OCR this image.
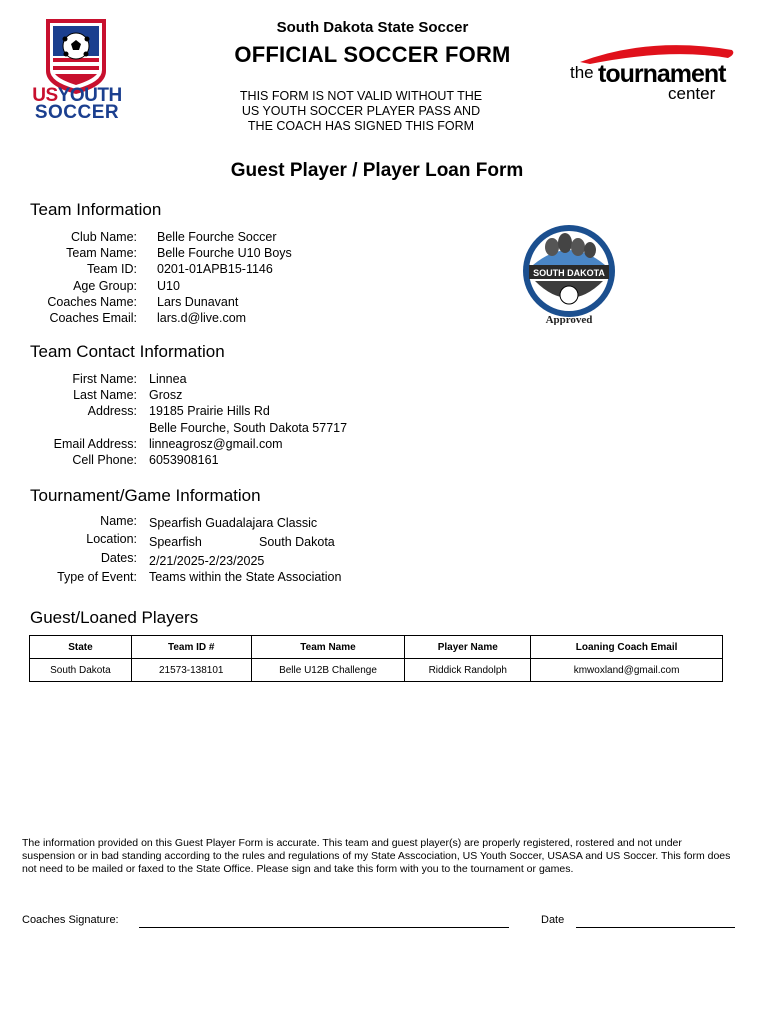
USYOUTH
SOCCER
South Dakota State Soccer
OFFICIAL SOCCER FORM
THIS FORM IS NOT VALID WITHOUT THE
US YOUTH SOCCER PLAYER PASS AND
THE COACH HAS SIGNED THIS FORM
the tournament
center
Guest Player / Player Loan Form
Team Information
Club Name:	Belle Fourche Soccer
Team Name:	Belle Fourche U10 Boys
Team ID:	0201-01APB15-1146
Age Group:	U10
Coaches Name:	Lars Dunavant
Coaches Email:	lars.d@live.com
SOUTH DAKOTA
Approved
Team Contact Information
First Name: Linnea
Last Name: Grosz
Address: 19185 Prairie Hills Rd
Belle Fourche, South Dakota 57717
Email Address: linneagrosz@gmail.com
Cell Phone: 6053908161
Tournament/Game Information
Name: Spearfish Guadalajara Classic
Location: Spearfish	South Dakota
Dates: 2/21/2025-2/23/2025
Type of Event: Teams within the State Association
Guest/Loaned Players
State	Team ID #	Team Name	Player Name	Loaning Coach Email
South Dakota	21573-138101	Belle U12B Challenge	Riddick Randolph	kmwoxland@gmail.com
The information provided on this Guest Player Form is accurate. This team and guest player(s) are properly registered, rostered and not under suspension or in bad standing according to the rules and regulations of my State Asscociation, US Youth Soccer, USASA and US Soccer. This form does not need to be mailed or faxed to the State Office. Please sign and take this form with you to the tournament or games.
Coaches Signature:	Date
